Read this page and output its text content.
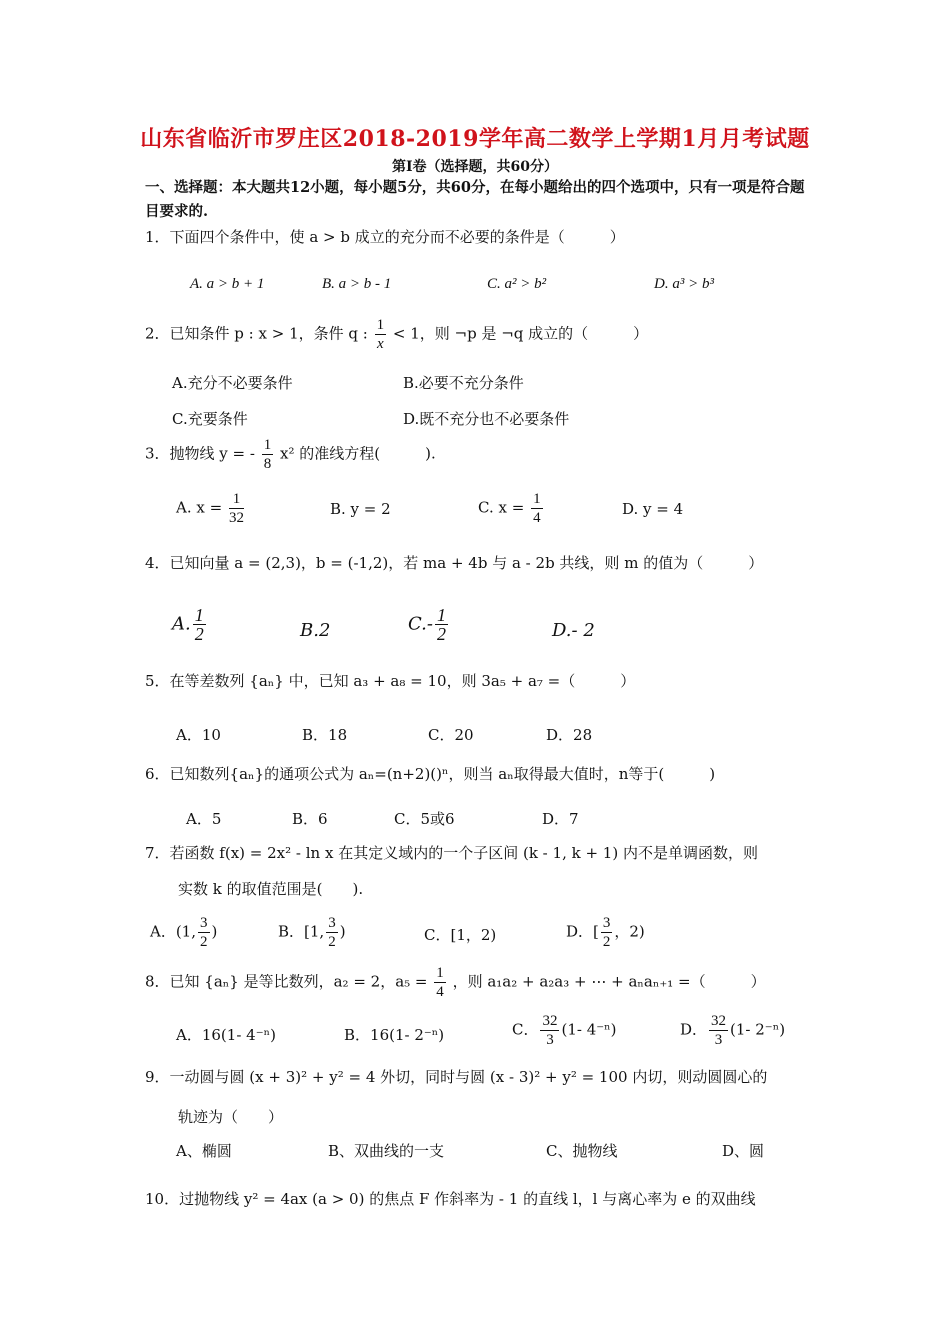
山东省临沂市罗庄区2018-2019学年高二数学上学期1月月考试题
第Ⅰ卷（选择题，共60分）
一、选择题：本大题共12小题，每小题5分，共60分，在每小题给出的四个选项中，只有一项是符合题目要求的.
1．下面四个条件中，使 a > b 成立的充分而不必要的条件是（　　　）
A. a > b + 1	B. a > b - 1	C. a² > b²	D. a³ > b³
2．已知条件 p : x > 1，条件 q : $\frac{1}{x} < 1$，则 ¬p 是 ¬q 成立的（　　　）
A.充分不必要条件	B.必要不充分条件
C.充要条件	D.既不充分也不必要条件
3．抛物线 y = - $\frac{1}{8} x^2$ 的准线方程(　　　).
A. $x = \frac{1}{32}$	B. y = 2	C. $x = \frac{1}{4}$	D. y = 4
4．已知向量 a = (2,3)，b = (-1,2)，若 ma + 4b 与 a - 2b 共线，则 m 的值为（　　　）
A. $\frac{1}{2}$	B.2	$C.- \frac{1}{2}$	D.- 2
5．在等差数列 {aₙ} 中，已知 a₃ + a₈ = 10，则 3a₅ + a₇ =（　　　）
A．10	B．18	C．20	D．28
6．已知数列{aₙ}的通项公式为 aₙ=(n+2)()ⁿ，则当 aₙ取得最大值时，n等于(　　　)
A．5	B．6	C．5或6	D．7
7．若函数 f(x) = 2x² - ln x 在其定义域内的一个子区间 (k - 1, k + 1) 内不是单调函数，则
实数 k 的取值范围是(　　).
A．(1, $\frac{3}{2}$ )	B．[1, $\frac{3}{2}$ )	C．[1，2)	D．[ $\frac{3}{2}$ ，2)
8．已知 {aₙ} 是等比数列，a₂ = 2，$a_5 = \frac{1}{4}$ ，则 a₁a₂ + a₂a₃ + ⋯ + aₙaₙ₊₁ =（　　　）
A．16(1- 4⁻ⁿ)	B．16(1- 2⁻ⁿ)	C． $\frac{32}{3} (1-$ 4⁻ⁿ)	D． $\frac{32}{3} (1-$ 2⁻ⁿ)
9．一动圆与圆 (x + 3)² + y² = 4 外切，同时与圆 (x - 3)² + y² = 100 内切，则动圆圆心的
轨迹为（　　）
A、椭圆	B、双曲线的一支	C、抛物线	D、圆
10．过抛物线 y² = 4ax (a > 0) 的焦点 F 作斜率为 - 1 的直线 l，l 与离心率为 e 的双曲线
